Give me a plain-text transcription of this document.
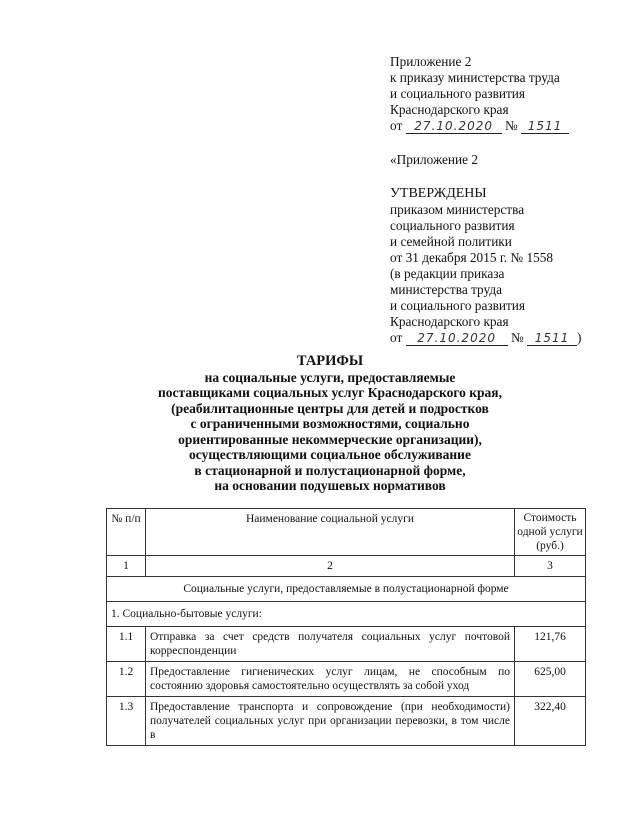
Приложение 2
к приказу министерства труда
и социального развития
Краснодарского края
от 27.10.2020 № 1511
«Приложение 2
УТВЕРЖДЕНЫ
приказом министерства
социального развития
и семейной политики
от 31 декабря 2015 г. № 1558
(в редакции приказа
министерства труда
и социального развития
Краснодарского края
от 27.10.2020 № 1511 )
ТАРИФЫ
на социальные услуги, предоставляемые
поставщиками социальных услуг Краснодарского края,
(реабилитационные центры для детей и подростков
с ограниченными возможностями, социально
ориентированные некоммерческие организации),
осуществляющими социальное обслуживание
в стационарной и полустационарной форме,
на основании подушевых нормативов
№ п/п	Наименование социальной услуги	Стоимость одной услуги (руб.)
1	2	3
Социальные услуги, предоставляемые в полустационарной форме		
1. Социально-бытовые услуги:		
1.1	Отправка за счет средств получателя социальных услуг почтовой корреспонденции	121,76
1.2	Предоставление гигиенических услуг лицам, не способным по состоянию здоровья самостоятельно осуществлять за собой уход	625,00
1.3	Предоставление транспорта и сопровождение (при необходимости) получателей социальных услуг при организации перевозки, в том числе в	322,40
